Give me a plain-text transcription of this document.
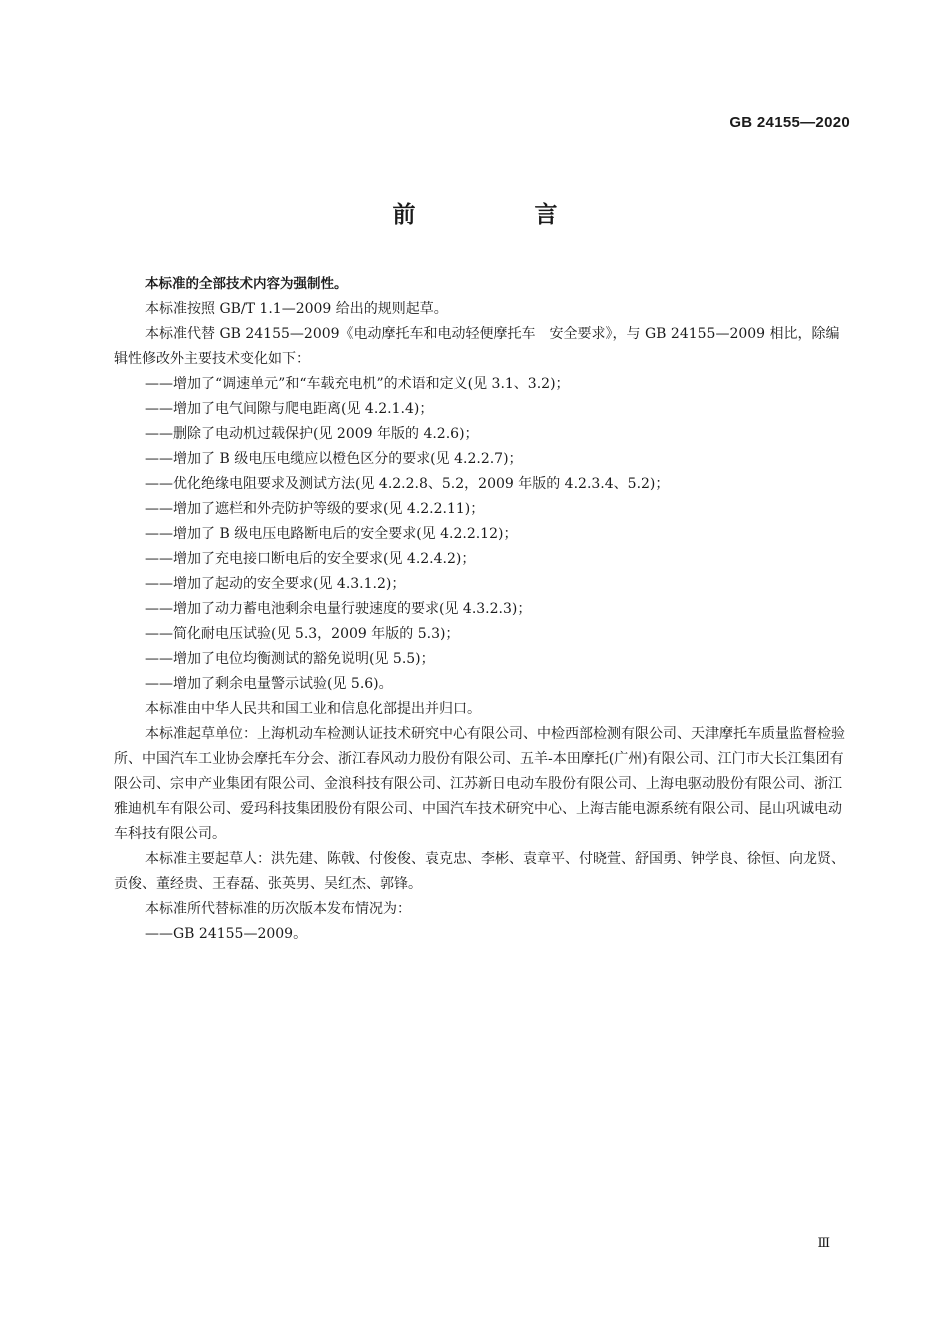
GB 24155—2020
前　言

本标准的全部技术内容为强制性。

本标准按照 GB/T 1.1—2009 给出的规则起草。

本标准代替 GB 24155—2009《电动摩托车和电动轻便摩托车　安全要求》，与 GB 24155—2009 相比，除编辑性修改外主要技术变化如下：

——增加了“调速单元”和“车载充电机”的术语和定义(见 3.1、3.2)；

——增加了电气间隙与爬电距离(见 4.2.1.4)；

——删除了电动机过载保护(见 2009 年版的 4.2.6)；

——增加了 B 级电压电缆应以橙色区分的要求(见 4.2.2.7)；

——优化绝缘电阻要求及测试方法(见 4.2.2.8、5.2，2009 年版的 4.2.3.4、5.2)；

——增加了遮栏和外壳防护等级的要求(见 4.2.2.11)；

——增加了 B 级电压电路断电后的安全要求(见 4.2.2.12)；

——增加了充电接口断电后的安全要求(见 4.2.4.2)；

——增加了起动的安全要求(见 4.3.1.2)；

——增加了动力蓄电池剩余电量行驶速度的要求(见 4.3.2.3)；

——简化耐电压试验(见 5.3，2009 年版的 5.3)；

——增加了电位均衡测试的豁免说明(见 5.5)；

——增加了剩余电量警示试验(见 5.6)。

本标准由中华人民共和国工业和信息化部提出并归口。

本标准起草单位：上海机动车检测认证技术研究中心有限公司、中检西部检测有限公司、天津摩托车质量监督检验所、中国汽车工业协会摩托车分会、浙江春风动力股份有限公司、五羊-本田摩托(广州)有限公司、江门市大长江集团有限公司、宗申产业集团有限公司、金浪科技有限公司、江苏新日电动车股份有限公司、上海电驱动股份有限公司、浙江雅迪机车有限公司、爱玛科技集团股份有限公司、中国汽车技术研究中心、上海吉能电源系统有限公司、昆山巩诚电动车科技有限公司。

本标准主要起草人：洪先建、陈戟、付俊俊、袁克忠、李彬、袁章平、付晓萱、舒国勇、钟学良、徐恒、向龙贤、贡俊、董经贵、王春磊、张英男、吴红杰、郭锋。

本标准所代替标准的历次版本发布情况为：

——GB 24155—2009。

Ⅲ
